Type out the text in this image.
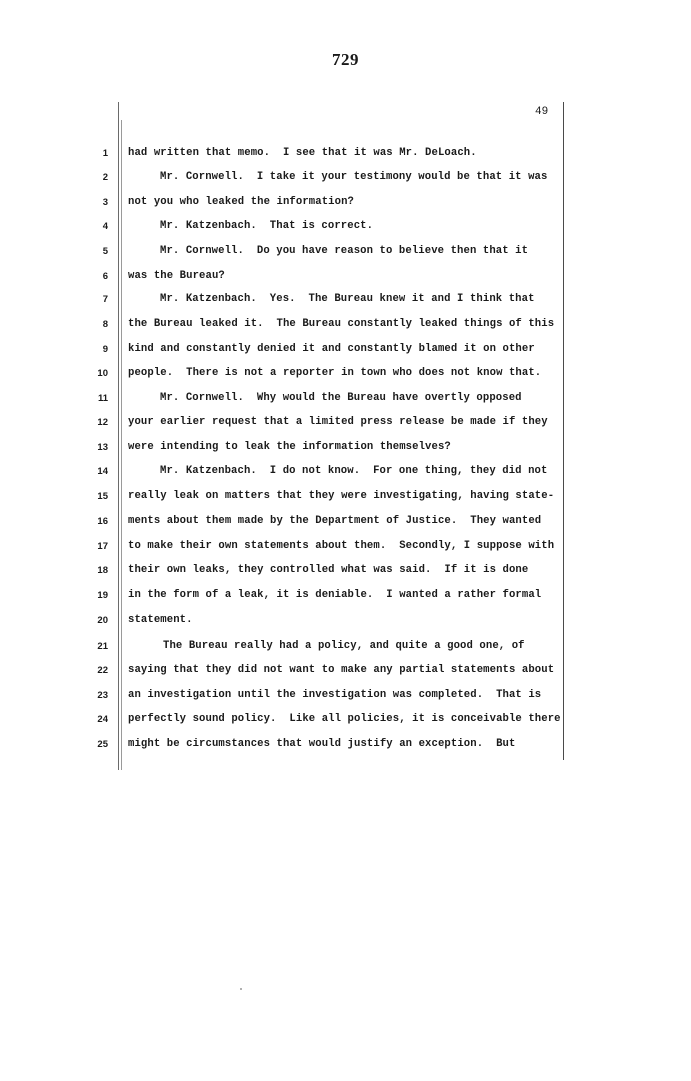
729
49
1 had written that memo.  I see that it was Mr. DeLoach.
2	Mr. Cornwell.  I take it your testimony would be that it was
3 not you who leaked the information?
4	Mr. Katzenbach.  That is correct.
5	Mr. Cornwell.  Do you have reason to believe then that it
6 was the Bureau?
7	Mr. Katzenbach.  Yes.  The Bureau knew it and I think that
8 the Bureau leaked it.  The Bureau constantly leaked things of this
9 kind and constantly denied it and constantly blamed it on other
10 people.  There is not a reporter in town who does not know that.
11	Mr. Cornwell.  Why would the Bureau have overtly opposed
12 your earlier request that a limited press release be made if they
13 were intending to leak the information themselves?
14	Mr. Katzenbach.  I do not know.  For one thing, they did not
15 really leak on matters that they were investigating, having state-
16 ments about them made by the Department of Justice.  They wanted
17 to make their own statements about them.  Secondly, I suppose with
18 their own leaks, they controlled what was said.  If it is done
19 in the form of a leak, it is deniable.  I wanted a rather formal
20 statement.
21	The Bureau really had a policy, and quite a good one, of
22 saying that they did not want to make any partial statements about
23 an investigation until the investigation was completed.  That is
24 perfectly sound policy.  Like all policies, it is conceivable there
25 might be circumstances that would justify an exception.  But
